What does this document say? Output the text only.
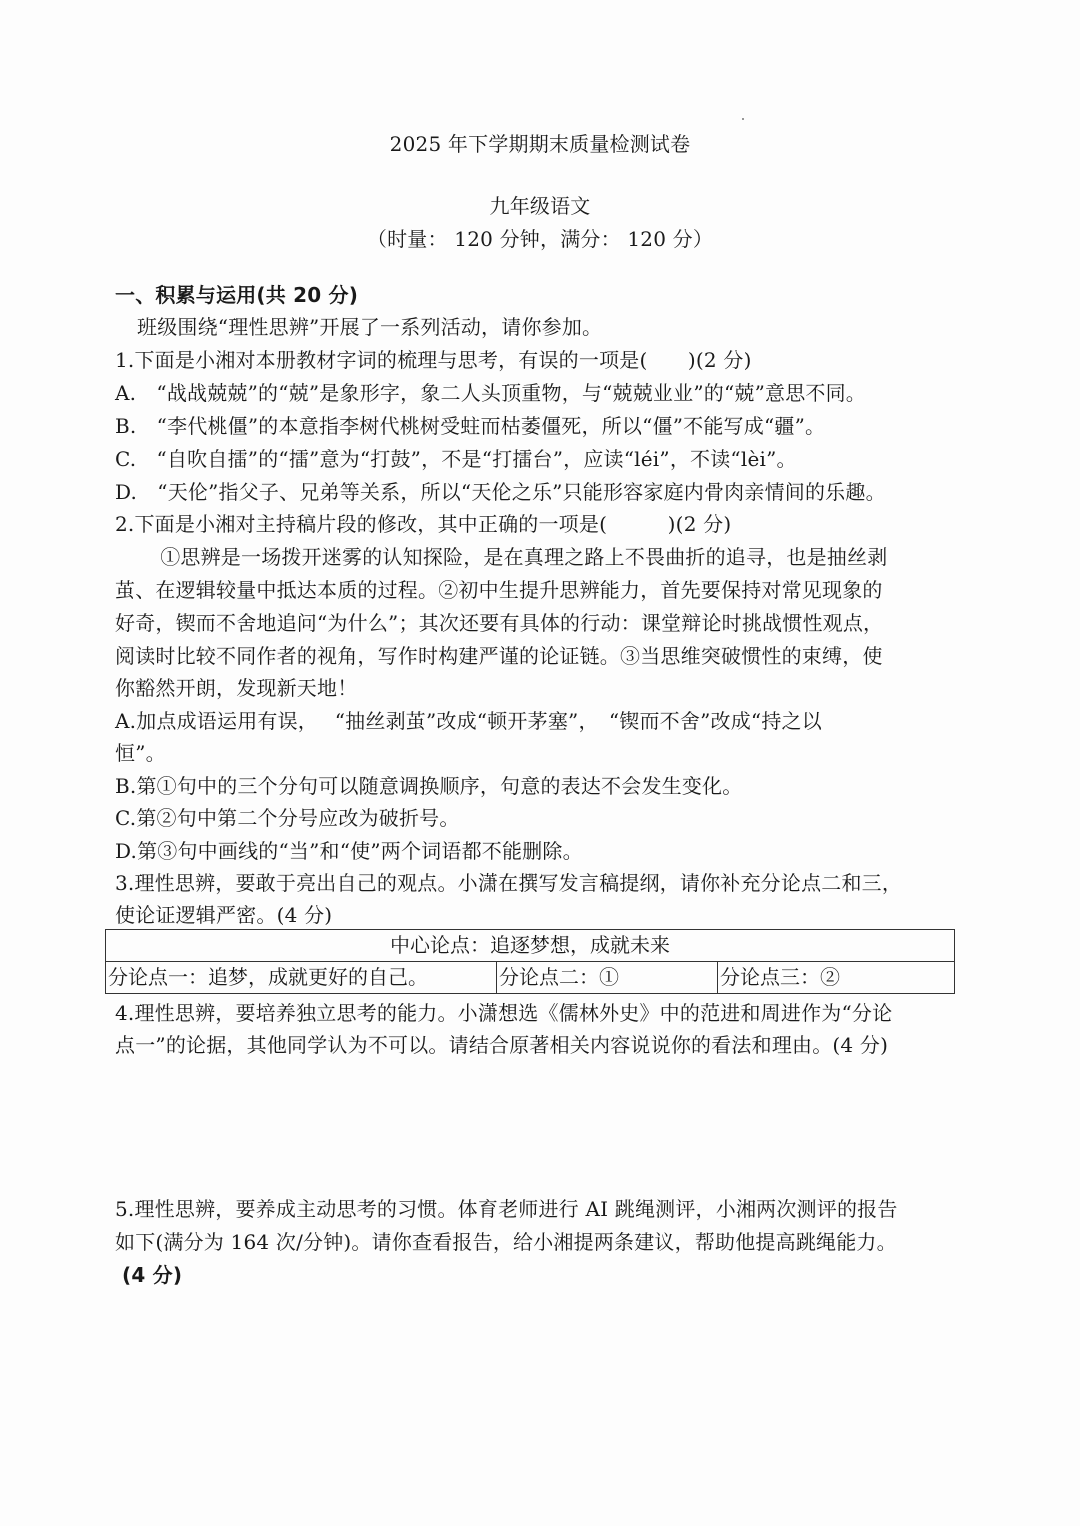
2025 年下学期期末质量检测试卷
九年级语文
（时量： 120 分钟，满分： 120 分）
一、积累与运用(共 20 分)
班级围绕“理性思辨”开展了一系列活动，请你参加。
1.下面是小湘对本册教材字词的梳理与思考，有误的一项是(　　)(2 分)
A.　“战战兢兢”的“兢”是象形字，象二人头顶重物，与“兢兢业业”的“兢”意思不同。
B.　“李代桃僵”的本意指李树代桃树受蛀而枯萎僵死，所以“僵”不能写成“疆”。
C.　“自吹自擂”的“擂”意为“打鼓”，不是“打擂台”，应读“léi”，不读“lèi”。
D.　“天伦”指父子、兄弟等关系，所以“天伦之乐”只能形容家庭内骨肉亲情间的乐趣。
2.下面是小湘对主持稿片段的修改，其中正确的一项是(　　　)(2 分)
　①思辨是一场拨开迷雾的认知探险，是在真理之路上不畏曲折的追寻，也是抽丝剥
茧、在逻辑较量中抵达本质的过程。②初中生提升思辨能力，首先要保持对常见现象的
好奇，锲而不舍地追问“为什么”；其次还要有具体的行动：课堂辩论时挑战惯性观点，
阅读时比较不同作者的视角，写作时构建严谨的论证链。③当思维突破惯性的束缚，使
你豁然开朗，发现新天地！
A.加点成语运用有误，　 “抽丝剥茧”改成“顿开茅塞”，　“锲而不舍”改成“持之以
恒”。
B.第①句中的三个分句可以随意调换顺序，句意的表达不会发生变化。
C.第②句中第二个分号应改为破折号。
D.第③句中画线的“当”和“使”两个词语都不能删除。
3.理性思辨，要敢于亮出自己的观点。小潇在撰写发言稿提纲，请你补充分论点二和三，
使论证逻辑严密。(4 分)
中心论点：追逐梦想，成就未来
分论点一：追梦，成就更好的自己。	分论点二：①	分论点三：②
4.理性思辨，要培养独立思考的能力。小潇想选《儒林外史》中的范进和周进作为“分论
点一”的论据，其他同学认为不可以。请结合原著相关内容说说你的看法和理由。(4 分)
5.理性思辨，要养成主动思考的习惯。体育老师进行 AI 跳绳测评，小湘两次测评的报告
如下(满分为 164 次/分钟)。请你查看报告，给小湘提两条建议，帮助他提高跳绳能力。
(4 分)
